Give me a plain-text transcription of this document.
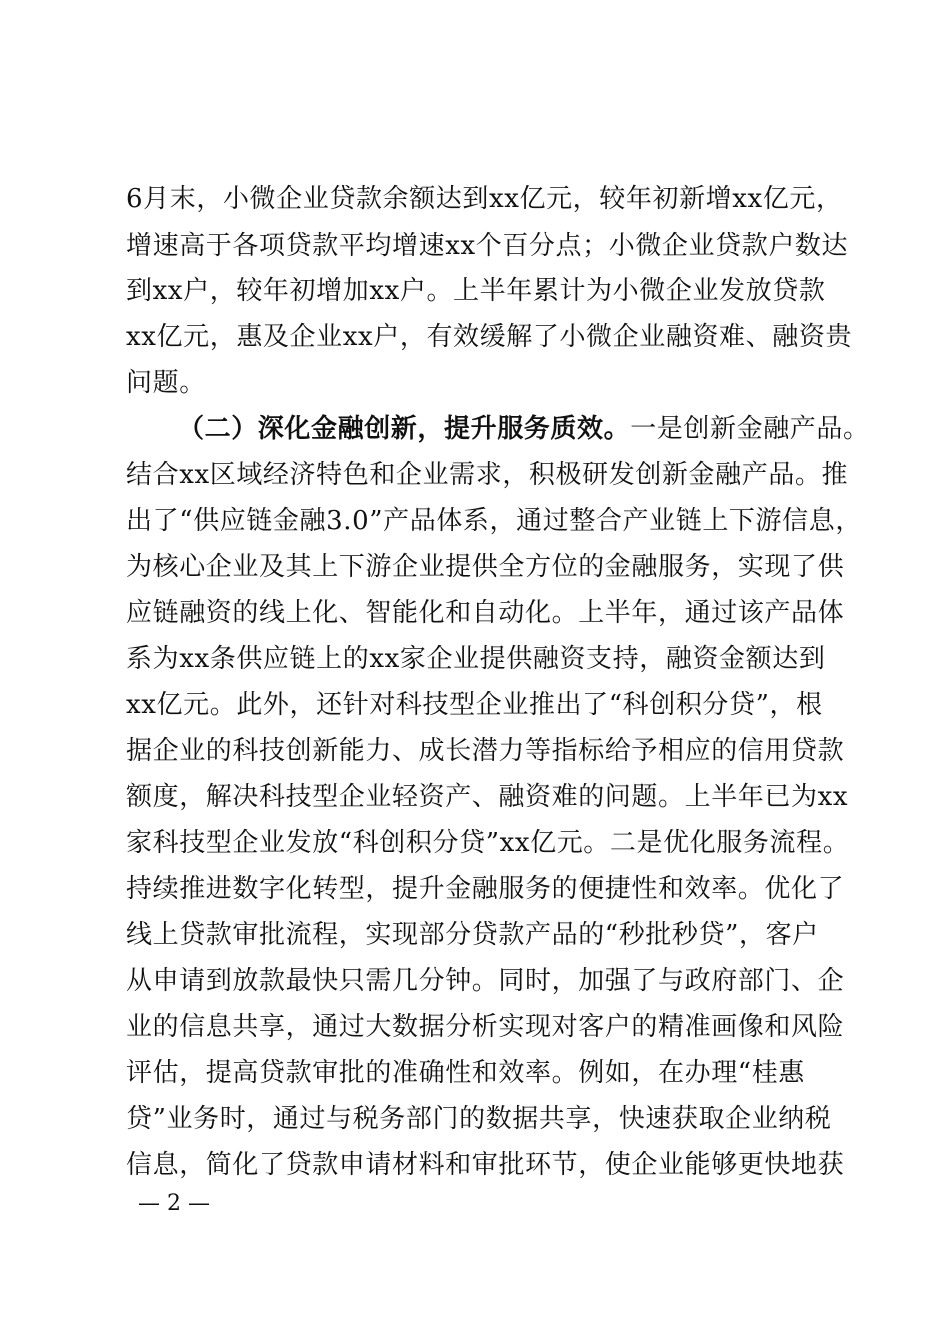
6月末，小微企业贷款余额达到xx亿元，较年初新增xx亿元，
增速高于各项贷款平均增速xx个百分点；小微企业贷款户数达
到xx户，较年初增加xx户。上半年累计为小微企业发放贷款
xx亿元，惠及企业xx户，有效缓解了小微企业融资难、融资贵
问题。
（二）深化金融创新，提升服务质效。一是创新金融产品。
结合xx区域经济特色和企业需求，积极研发创新金融产品。推
出了“供应链金融3.0”产品体系，通过整合产业链上下游信息，
为核心企业及其上下游企业提供全方位的金融服务，实现了供
应链融资的线上化、智能化和自动化。上半年，通过该产品体
系为xx条供应链上的xx家企业提供融资支持，融资金额达到
xx亿元。此外，还针对科技型企业推出了“科创积分贷”，根
据企业的科技创新能力、成长潜力等指标给予相应的信用贷款
额度，解决科技型企业轻资产、融资难的问题。上半年已为xx
家科技型企业发放“科创积分贷”xx亿元。二是优化服务流程。
持续推进数字化转型，提升金融服务的便捷性和效率。优化了
线上贷款审批流程，实现部分贷款产品的“秒批秒贷”，客户
从申请到放款最快只需几分钟。同时，加强了与政府部门、企
业的信息共享，通过大数据分析实现对客户的精准画像和风险
评估，提高贷款审批的准确性和效率。例如，在办理“桂惠
贷”业务时，通过与税务部门的数据共享，快速获取企业纳税
信息，简化了贷款申请材料和审批环节，使企业能够更快地获
— 2 —
